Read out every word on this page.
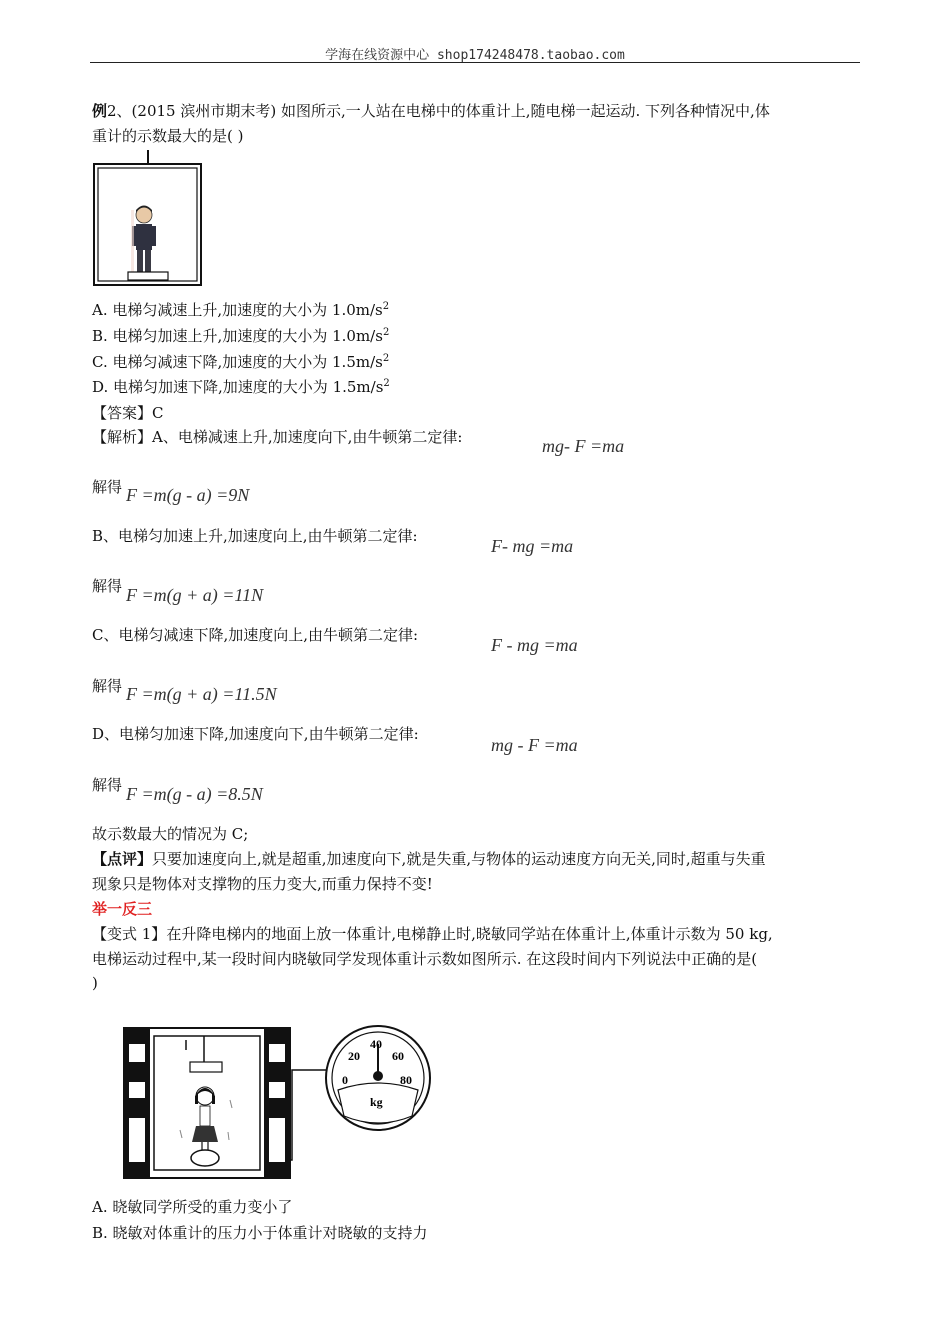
学海在线资源中心 shop174248478.taobao.com
例2、(2015 滨州市期末考) 如图所示,一人站在电梯中的体重计上,随电梯一起运动. 下列各种情况中,体
重计的示数最大的是( )
A. 电梯匀减速上升,加速度的大小为 $1.0m/s^2$
B. 电梯匀加速上升,加速度的大小为 $1.0m/s^2$
C. 电梯匀减速下降,加速度的大小为 $1.5m/s^2$
D. 电梯匀加速下降,加速度的大小为 $1.5m/s^2$
【答案】C
【解析】A、电梯减速上升,加速度向下,由牛顿第二定律:	mg- F =ma
解得 F =m(g - a) =9N
B、电梯匀加速上升,加速度向上,由牛顿第二定律:	F- mg =ma
解得 F =m(g + a) =11N
C、电梯匀减速下降,加速度向上,由牛顿第二定律:	F - mg =ma
解得 F =m(g + a) =11.5N
D、电梯匀加速下降,加速度向下,由牛顿第二定律:
mg - F =ma
解得 F =m(g - a) =8.5N
故示数最大的情况为 C;
【点评】只要加速度向上,就是超重,加速度向下,就是失重,与物体的运动速度方向无关,同时,超重与失重
现象只是物体对支撑物的压力变大,而重力保持不变!
举一反三
【变式 1】在升降电梯内的地面上放一体重计,电梯静止时,晓敏同学站在体重计上,体重计示数为 50 kg,
电梯运动过程中,某一段时间内晓敏同学发现体重计示数如图所示. 在这段时间内下列说法中正确的是(
)
0
20
40
60
80
kg
A. 晓敏同学所受的重力变小了
B. 晓敏对体重计的压力小于体重计对晓敏的支持力
